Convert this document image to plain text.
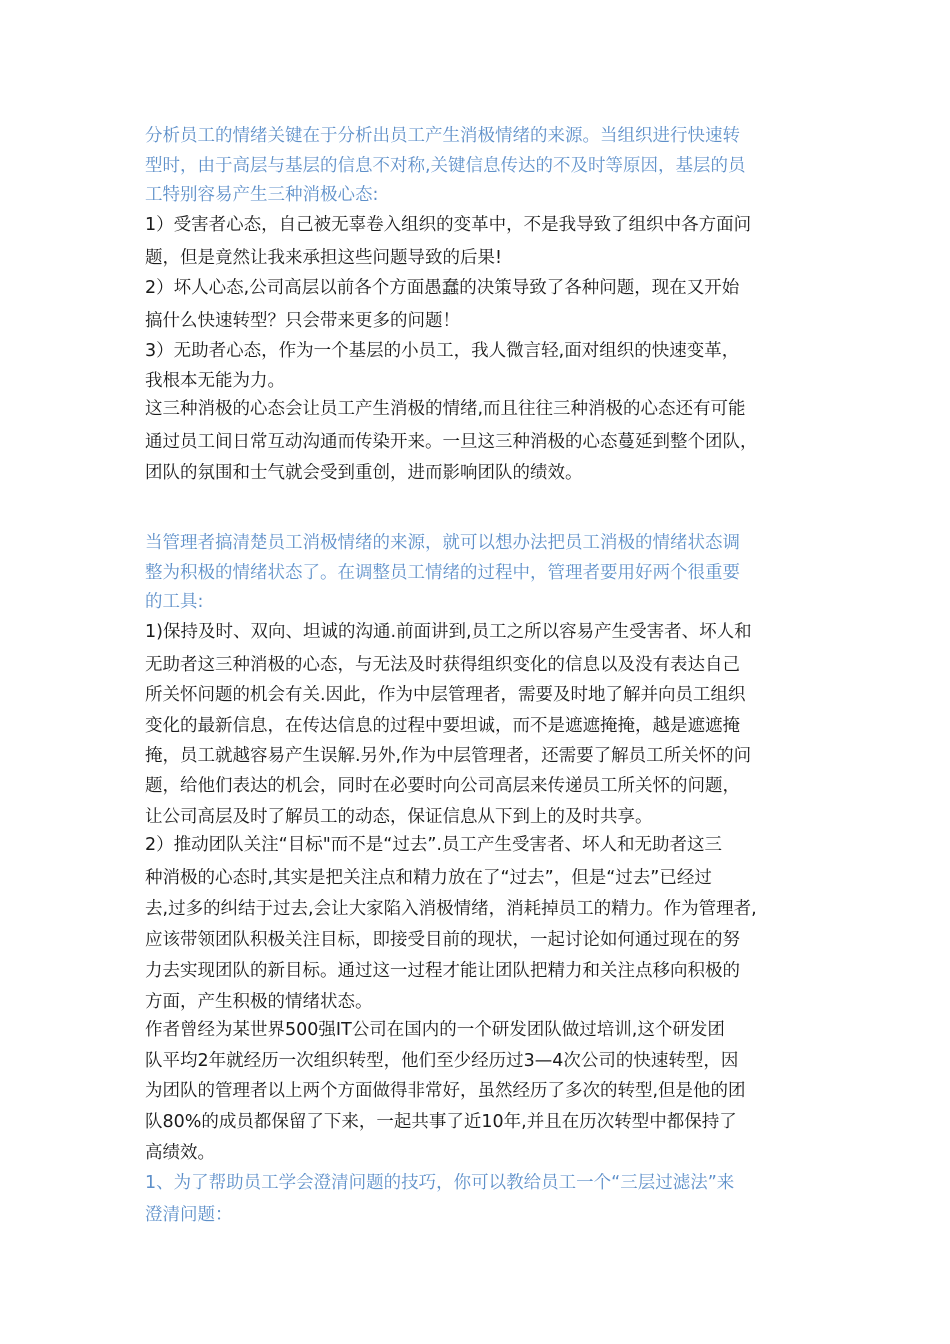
分析员工的情绪关键在于分析出员工产生消极情绪的来源。当组织进行快速转
型时，由于高层与基层的信息不对称,关键信息传达的不及时等原因，基层的员
工特别容易产生三种消极心态:
1）受害者心态，自己被无辜卷入组织的变革中，不是我导致了组织中各方面问
题，但是竟然让我来承担这些问题导致的后果!
2）坏人心态,公司高层以前各个方面愚蠢的决策导致了各种问题，现在又开始
搞什么快速转型？只会带来更多的问题！
3）无助者心态，作为一个基层的小员工，我人微言轻,面对组织的快速变革，
我根本无能为力。
这三种消极的心态会让员工产生消极的情绪,而且往往三种消极的心态还有可能
通过员工间日常互动沟通而传染开来。一旦这三种消极的心态蔓延到整个团队，
团队的氛围和士气就会受到重创，进而影响团队的绩效。
当管理者搞清楚员工消极情绪的来源，就可以想办法把员工消极的情绪状态调
整为积极的情绪状态了。在调整员工情绪的过程中，管理者要用好两个很重要
的工具:
1)保持及时、双向、坦诚的沟通.前面讲到,员工之所以容易产生受害者、坏人和
无助者这三种消极的心态，与无法及时获得组织变化的信息以及没有表达自己
所关怀问题的机会有关.因此，作为中层管理者，需要及时地了解并向员工组织
变化的最新信息，在传达信息的过程中要坦诚，而不是遮遮掩掩，越是遮遮掩
掩，员工就越容易产生误解.另外,作为中层管理者，还需要了解员工所关怀的问
题，给他们表达的机会，同时在必要时向公司高层来传递员工所关怀的问题，
让公司高层及时了解员工的动态，保证信息从下到上的及时共享。
2）推动团队关注“目标"而不是“过去”.员工产生受害者、坏人和无助者这三
种消极的心态时,其实是把关注点和精力放在了“过去”，但是“过去”已经过
去,过多的纠结于过去,会让大家陷入消极情绪，消耗掉员工的精力。作为管理者,
应该带领团队积极关注目标，即接受目前的现状，一起讨论如何通过现在的努
力去实现团队的新目标。通过这一过程才能让团队把精力和关注点移向积极的
方面，产生积极的情绪状态。
作者曾经为某世界500强IT公司在国内的一个研发团队做过培训,这个研发团
队平均2年就经历一次组织转型，他们至少经历过3—4次公司的快速转型，因
为团队的管理者以上两个方面做得非常好，虽然经历了多次的转型,但是他的团
队80%的成员都保留了下来，一起共事了近10年,并且在历次转型中都保持了
高绩效。
1、为了帮助员工学会澄清问题的技巧，你可以教给员工一个“三层过滤法”来
澄清问题：
